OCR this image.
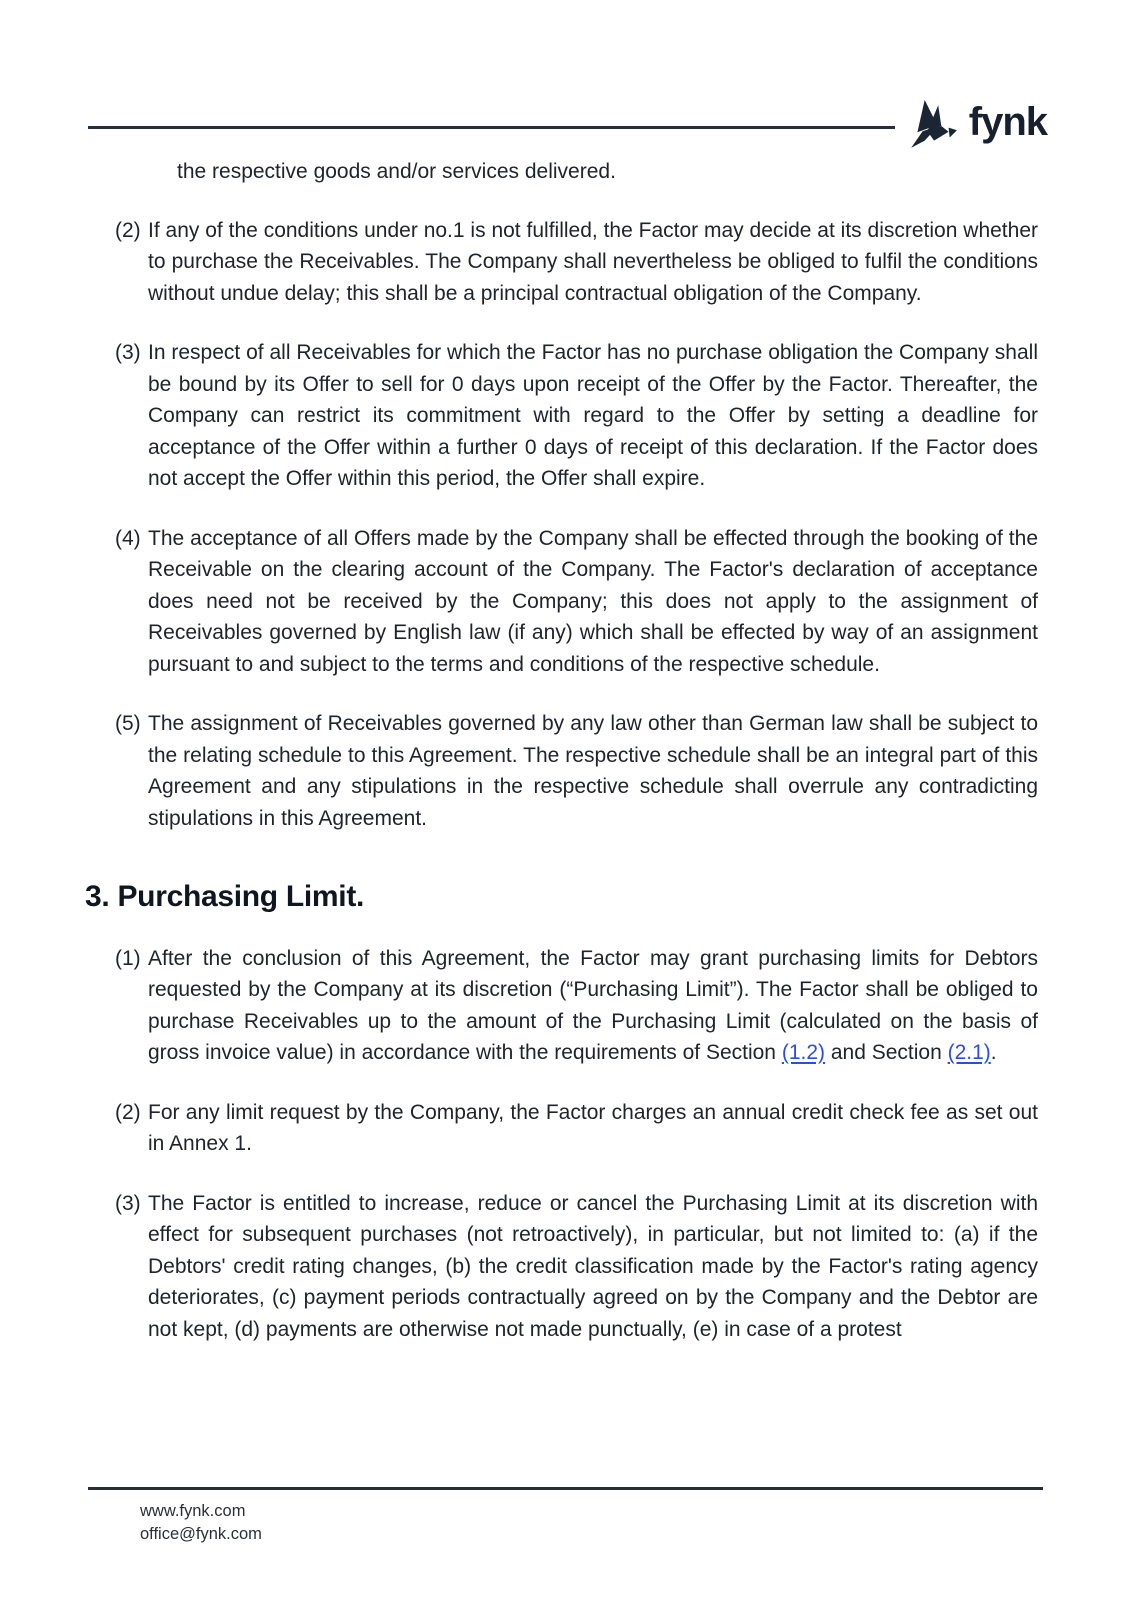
fynk

the respective goods and/or services delivered.

(2) If any of the conditions under no.1 is not fulfilled, the Factor may decide at its discretion whether to purchase the Receivables. The Company shall nevertheless be obliged to fulfil the conditions without undue delay; this shall be a principal contractual obligation of the Company.
(3) In respect of all Receivables for which the Factor has no purchase obligation the Company shall be bound by its Offer to sell for 0 days upon receipt of the Offer by the Factor. Thereafter, the Company can restrict its commitment with regard to the Offer by setting a deadline for acceptance of the Offer within a further 0 days of receipt of this declaration. If the Factor does not accept the Offer within this period, the Offer shall expire.
(4) The acceptance of all Offers made by the Company shall be effected through the booking of the Receivable on the clearing account of the Company. The Factor's declaration of acceptance does need not be received by the Company; this does not apply to the assignment of Receivables governed by English law (if any) which shall be effected by way of an assignment pursuant to and subject to the terms and conditions of the respective schedule.
(5) The assignment of Receivables governed by any law other than German law shall be subject to the relating schedule to this Agreement. The respective schedule shall be an integral part of this Agreement and any stipulations in the respective schedule shall overrule any contradicting stipulations in this Agreement.
3. Purchasing Limit.
(1) After the conclusion of this Agreement, the Factor may grant purchasing limits for Debtors requested by the Company at its discretion (“Purchasing Limit”). The Factor shall be obliged to purchase Receivables up to the amount of the Purchasing Limit (calculated on the basis of gross invoice value) in accordance with the requirements of Section (1.2) and Section (2.1).
(2) For any limit request by the Company, the Factor charges an annual credit check fee as set out in Annex 1.
(3) The Factor is entitled to increase, reduce or cancel the Purchasing Limit at its discretion with effect for subsequent purchases (not retroactively), in particular, but not limited to: (a) if the Debtors' credit rating changes, (b) the credit classification made by the Factor's rating agency deteriorates, (c) payment periods contractually agreed on by the Company and the Debtor are not kept, (d) payments are otherwise not made punctually, (e) in case of a protest
www.fynk.com
office@fynk.com
